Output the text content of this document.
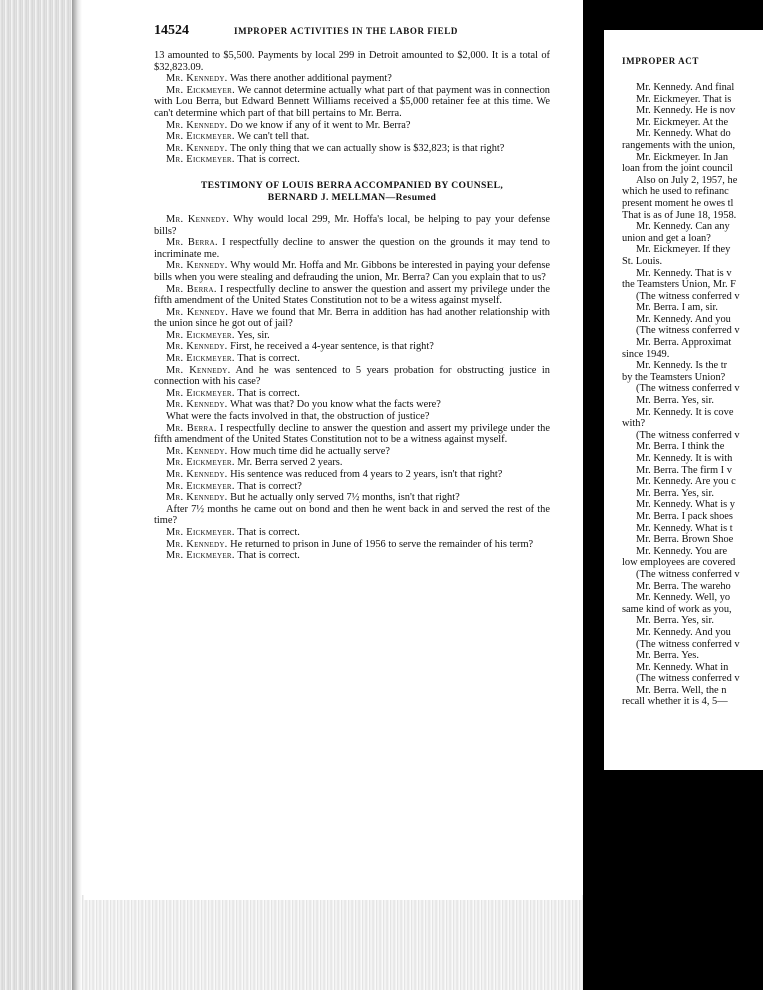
14524	IMPROPER ACTIVITIES IN THE LABOR FIELD

13 amounted to $5,500. Payments by local 299 in Detroit amounted to $2,000. It is a total of $32,823.09.

Mr. Kennedy. Was there another additional payment?

Mr. Eickmeyer. We cannot determine actually what part of that payment was in connection with Lou Berra, but Edward Bennett Williams received a $5,000 retainer fee at this time. We can't determine which part of that bill pertains to Mr. Berra.

Mr. Kennedy. Do we know if any of it went to Mr. Berra?

Mr. Eickmeyer. We can't tell that.

Mr. Kennedy. The only thing that we can actually show is $32,823; is that right?

Mr. Eickmeyer. That is correct.

TESTIMONY OF LOUIS BERRA ACCOMPANIED BY COUNSEL,
BERNARD J. MELLMAN—Resumed

Mr. Kennedy. Why would local 299, Mr. Hoffa's local, be helping to pay your defense bills?

Mr. Berra. I respectfully decline to answer the question on the grounds it may tend to incriminate me.

Mr. Kennedy. Why would Mr. Hoffa and Mr. Gibbons be interested in paying your defense bills when you were stealing and defrauding the union, Mr. Berra? Can you explain that to us?

Mr. Berra. I respectfully decline to answer the question and assert my privilege under the fifth amendment of the United States Constitution not to be a witess against myself.

Mr. Kennedy. Have we found that Mr. Berra in addition has had another relationship with the union since he got out of jail?

Mr. Eickmeyer. Yes, sir.

Mr. Kennedy. First, he received a 4-year sentence, is that right?

Mr. Eickmeyer. That is correct.

Mr. Kennedy. And he was sentenced to 5 years probation for obstructing justice in connection with his case?

Mr. Eickmeyer. That is correct.

Mr. Kennedy. What was that? Do you know what the facts were?

What were the facts involved in that, the obstruction of justice?

Mr. Berra. I respectfully decline to answer the question and assert my privilege under the fifth amendment of the United States Constitution not to be a witness against myself.

Mr. Kennedy. How much time did he actually serve?

Mr. Eickmeyer. Mr. Berra served 2 years.

Mr. Kennedy. His sentence was reduced from 4 years to 2 years, isn't that right?

Mr. Eickmeyer. That is correct?

Mr. Kennedy. But he actually only served 7½ months, isn't that right?

After 7½ months he came out on bond and then he went back in and served the rest of the time?

Mr. Eickmeyer. That is correct.

Mr. Kennedy. He returned to prison in June of 1956 to serve the remainder of his term?

Mr. Eickmeyer. That is correct.

IMPROPER ACT

Mr. Kennedy. And final

Mr. Eickmeyer. That is

Mr. Kennedy. He is nov

Mr. Eickmeyer. At the

Mr. Kennedy. What do

rangements with the union,

Mr. Eickmeyer. In Jan

loan from the joint council

Also on July 2, 1957, he

which he used to refinanc

present moment he owes tl

That is as of June 18, 1958.

Mr. Kennedy. Can any

union and get a loan?

Mr. Eickmeyer. If they

St. Louis.

Mr. Kennedy. That is v

the Teamsters Union, Mr. F

(The witness conferred v

Mr. Berra. I am, sir.

Mr. Kennedy. And you

(The witness conferred v

Mr. Berra. Approximat

since 1949.

Mr. Kennedy. Is the tr

by the Teamsters Union?

(The witness conferred v

Mr. Berra. Yes, sir.

Mr. Kennedy. It is cove

with?

(The witness conferred v

Mr. Berra. I think the

Mr. Kennedy. It is with

Mr. Berra. The firm I v

Mr. Kennedy. Are you c

Mr. Berra. Yes, sir.

Mr. Kennedy. What is y

Mr. Berra. I pack shoes

Mr. Kennedy. What is t

Mr. Berra. Brown Shoe

Mr. Kennedy. You are

low employees are covered

(The witness conferred v

Mr. Berra. The wareho

Mr. Kennedy. Well, yo

same kind of work as you,

Mr. Berra. Yes, sir.

Mr. Kennedy. And you

(The witness conferred v

Mr. Berra. Yes.

Mr. Kennedy. What in

(The witness conferred v

Mr. Berra. Well, the n

recall whether it is 4, 5—
